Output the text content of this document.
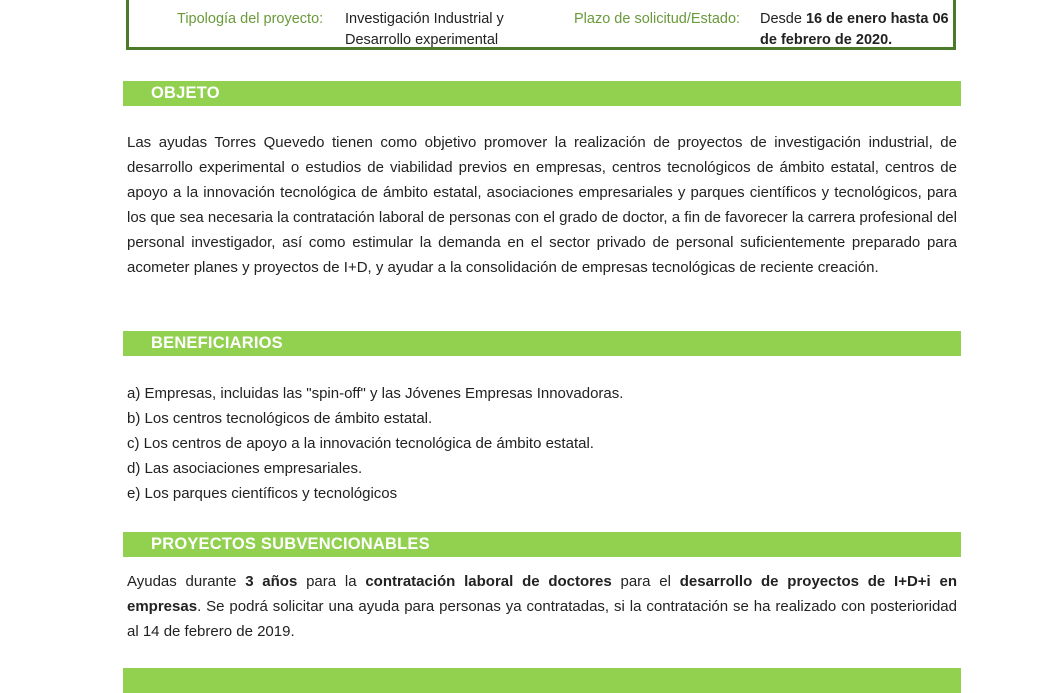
Tipología del proyecto: Investigación Industrial y
Desarrollo experimental
Plazo de solicitud/Estado: Desde 16 de enero hasta 06
de febrero de 2020.
OBJETO
Las ayudas Torres Quevedo tienen como objetivo promover la realización de proyectos de investigación industrial, de desarrollo experimental o estudios de viabilidad previos en empresas, centros tecnológicos de ámbito estatal, centros de apoyo a la innovación tecnológica de ámbito estatal, asociaciones empresariales y parques científicos y tecnológicos, para los que sea necesaria la contratación laboral de personas con el grado de doctor, a fin de favorecer la carrera profesional del personal investigador, así como estimular la demanda en el sector privado de personal suficientemente preparado para acometer planes y proyectos de I+D, y ayudar a la consolidación de empresas tecnológicas de reciente creación.
BENEFICIARIOS
a) Empresas, incluidas las "spin-off" y las Jóvenes Empresas Innovadoras.
b) Los centros tecnológicos de ámbito estatal.
c) Los centros de apoyo a la innovación tecnológica de ámbito estatal.
d) Las asociaciones empresariales.
e) Los parques científicos y tecnológicos
PROYECTOS SUBVENCIONABLES
Ayudas durante 3 años para la contratación laboral de doctores para el desarrollo de proyectos de I+D+i en empresas. Se podrá solicitar una ayuda para personas ya contratadas, si la contratación se ha realizado con posterioridad al 14 de febrero de 2019.
